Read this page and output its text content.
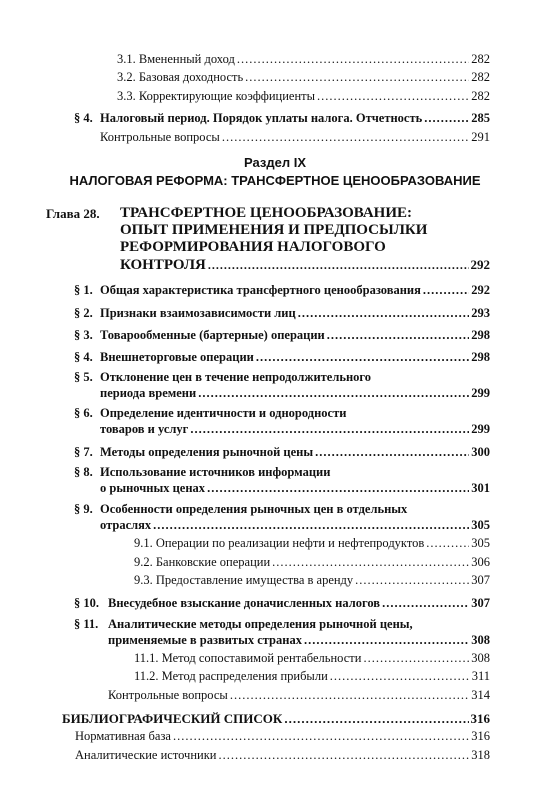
3.1. Вмененный доход .....	282
3.2. Базовая доходность .....	282
3.3. Корректирующие коэффициенты .....	282
§ 4. Налоговый период. Порядок уплаты налога. Отчетность .....	285
Контрольные вопросы .....	291
Раздел IX
НАЛОГОВАЯ РЕФОРМА: ТРАНСФЕРТНОЕ ЦЕНООБРАЗОВАНИЕ
Глава 28. ТРАНСФЕРТНОЕ ЦЕНООБРАЗОВАНИЕ:
ОПЫТ ПРИМЕНЕНИЯ И ПРЕДПОСЫЛКИ
РЕФОРМИРОВАНИЯ НАЛОГОВОГО
КОНТРОЛЯ .....	292
§ 1. Общая характеристика трансфертного ценообразования .....	292
§ 2. Признаки взаимозависимости лиц .....	293
§ 3. Товарообменные (бартерные) операции .....	298
§ 4. Внешнеторговые операции .....	298
§ 5. Отклонение цен в течение непродолжительного
периода времени .....	299
§ 6. Определение идентичности и однородности
товаров и услуг .....	299
§ 7. Методы определения рыночной цены .....	300
§ 8. Использование источников информации
о рыночных ценах .....	301
§ 9. Особенности определения рыночных цен в отдельных
отраслях .....	305
9.1. Операции по реализации нефти и нефтепродуктов .....	305
9.2. Банковские операции .....	306
9.3. Предоставление имущества в аренду .....	307
§ 10. Внесудебное взыскание доначисленных налогов .....	307
§ 11. Аналитические методы определения рыночной цены,
применяемые в развитых странах .....	308
11.1. Метод сопоставимой рентабельности .....	308
11.2. Метод распределения прибыли .....	311
Контрольные вопросы .....	314
БИБЛИОГРАФИЧЕСКИЙ СПИСОК .....	316
Нормативная база .....	316
Аналитические источники .....	318
